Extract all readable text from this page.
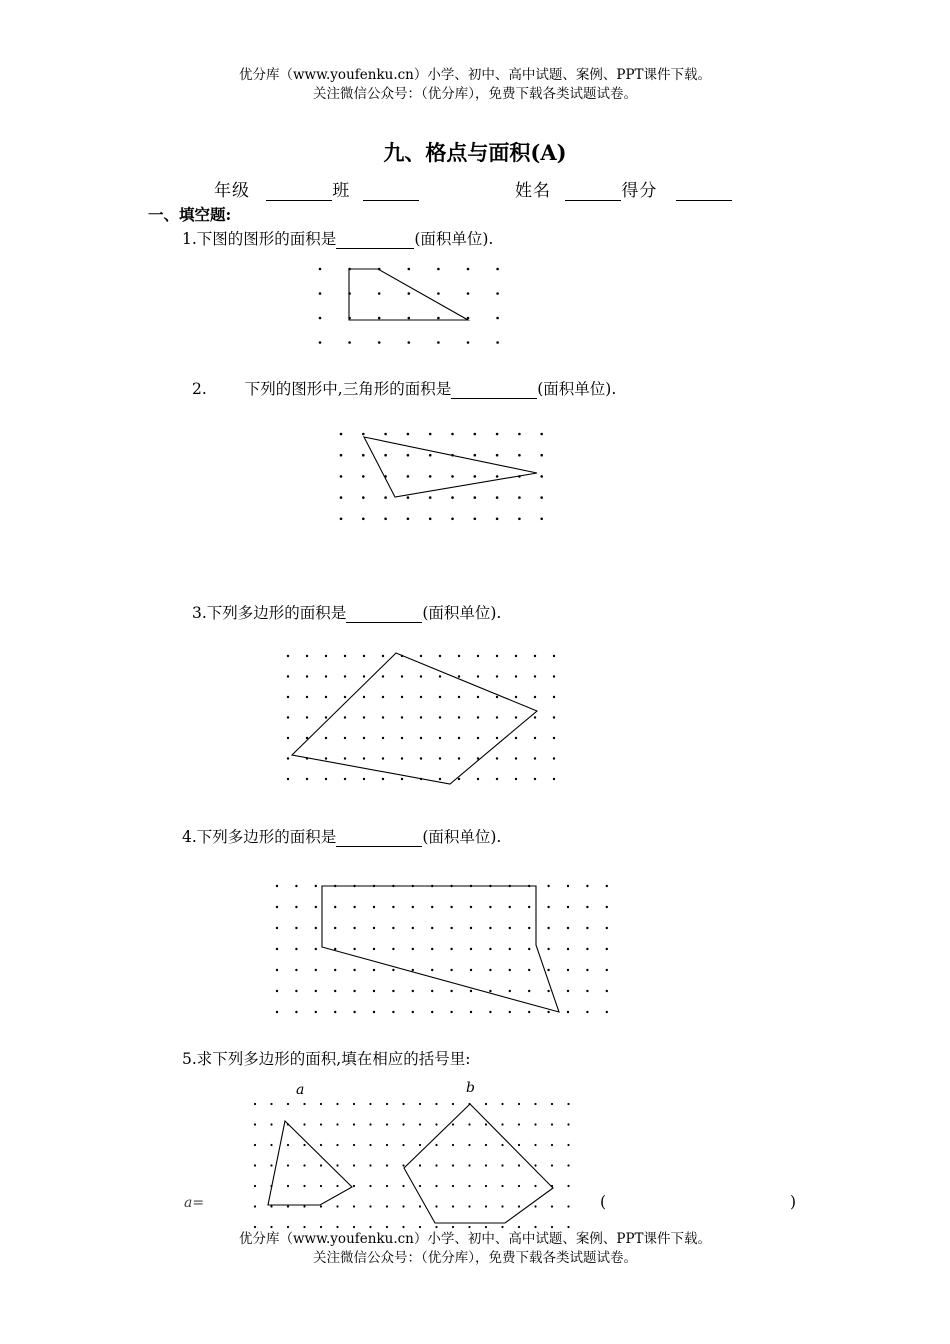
优分库（www.youfenku.cn）小学、初中、高中试题、案例、PPT课件下载。
关注微信公众号：（优分库），免费下载各类试题试卷。
九、格点与面积(A)
年级	班	姓名	得分
一、填空题:
1.下图的图形的面积是	(面积单位).
2. 下列的图形中,三角形的面积是	(面积单位).
3.下列多边形的面积是	(面积单位).
4.下列多边形的面积是	(面积单位).
5.求下列多边形的面积,填在相应的括号里:
a	b
a=	(	)
优分库（www.youfenku.cn）小学、初中、高中试题、案例、PPT课件下载。
关注微信公众号：（优分库），免费下载各类试题试卷。
